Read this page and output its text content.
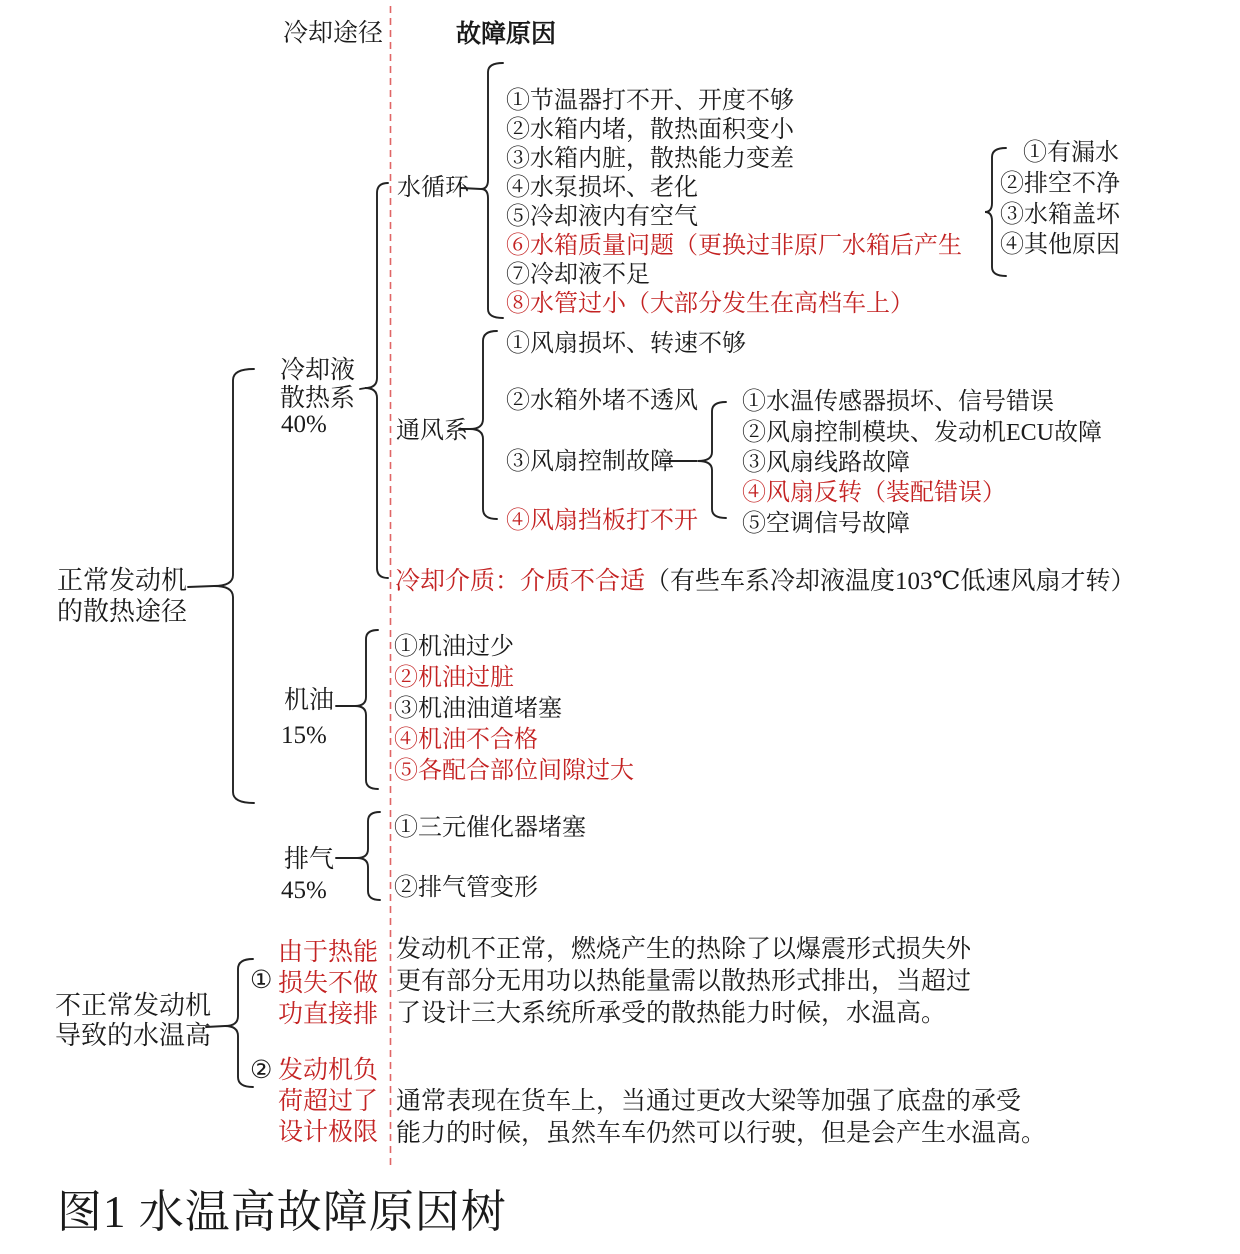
冷却途径	故障原因
正常发动机
的散热途径
冷却液
散热系
40%
水循环
①节温器打不开、开度不够
②水箱内堵，散热面积变小
③水箱内脏，散热能力变差
④水泵损坏、老化
⑤冷却液内有空气
⑥水箱质量问题（更换过非原厂水箱后产生
⑦冷却液不足
⑧水管过小（大部分发生在高档车上）
①有漏水
②排空不净
③水箱盖坏
④其他原因
通风系
①风扇损坏、转速不够
②水箱外堵不透风
③风扇控制故障
④风扇挡板打不开
①水温传感器损坏、信号错误
②风扇控制模块、发动机ECU故障
③风扇线路故障
④风扇反转（装配错误）
⑤空调信号故障
冷却介质：介质不合适（有些车系冷却液温度103℃低速风扇才转）
机油
15%
①机油过少
②机油过脏
③机油油道堵塞
④机油不合格
⑤各配合部位间隙过大
排气
45%
①三元催化器堵塞
②排气管变形
不正常发动机
导致的水温高
①
由于热能
损失不做
功直接排
发动机不正常，燃烧产生的热除了以爆震形式损失外
更有部分无用功以热能量需以散热形式排出，当超过
了设计三大系统所承受的散热能力时候，水温高。
② 发动机负
荷超过了
设计极限
通常表现在货车上，当通过更改大梁等加强了底盘的承受
能力的时候，虽然车车仍然可以行驶，但是会产生水温高。
图1 水温高故障原因树
